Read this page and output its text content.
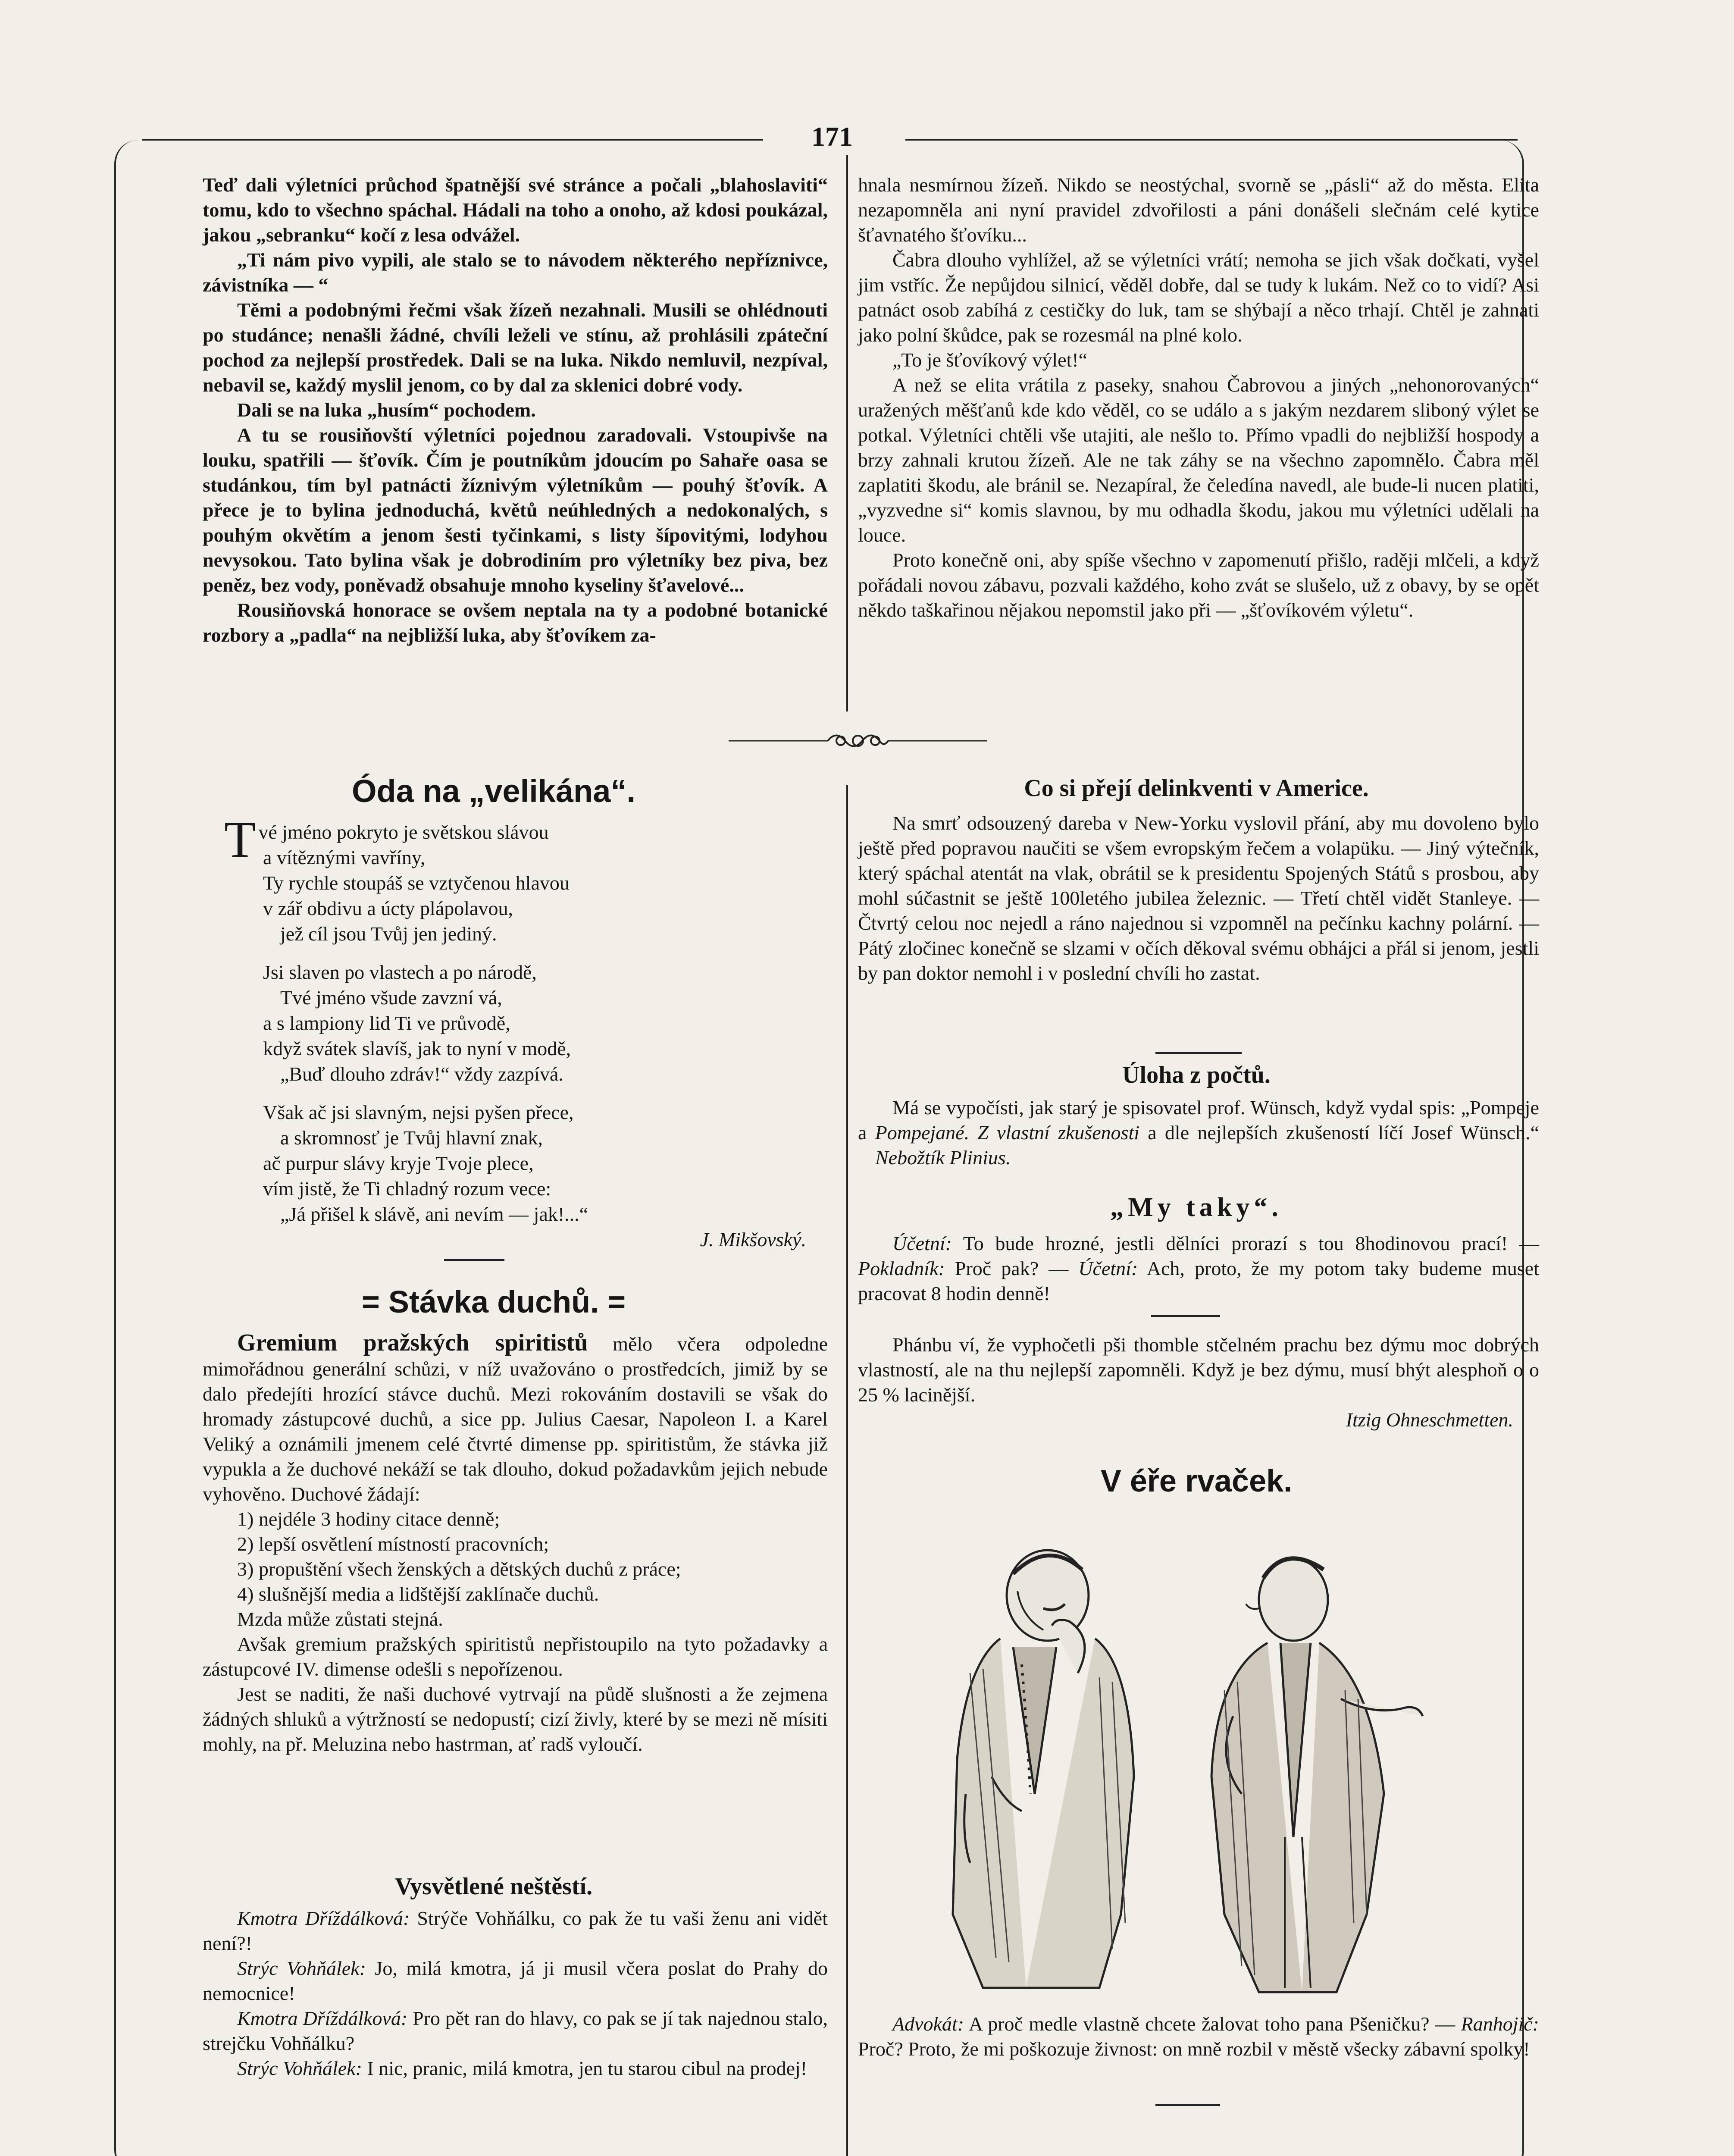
171

Teď dali výletníci průchod špatnější své stránce a počali „blahoslaviti“ tomu, kdo to všechno spáchal. Hádali na toho a onoho, až kdosi poukázal, jakou „sebranku“ kočí z lesa odvážel.

„Ti nám pivo vypili, ale stalo se to návodem některého nepříznivce, závistníka — “

Těmi a podobnými řečmi však žízeň nezahnali. Musili se ohlédnouti po studánce; nenašli žádné, chvíli leželi ve stínu, až prohlásili zpáteční pochod za nejlepší prostředek. Dali se na luka. Nikdo nemluvil, nezpíval, nebavil se, každý myslil jenom, co by dal za sklenici dobré vody.

Dali se na luka „husím“ pochodem.

A tu se rousiňovští výletníci pojednou zaradovali. Vstoupivše na louku, spatřili — šťovík. Čím je poutníkům jdoucím po Sahaře oasa se studánkou, tím byl patnácti žíznivým výletníkům — pouhý šťovík. A přece je to bylina jednoduchá, květů neúhledných a nedokonalých, s pouhým okvětím a jenom šesti tyčinkami, s listy šípovitými, lodyhou nevysokou. Tato bylina však je dobrodiním pro výletníky bez piva, bez peněz, bez vody, poněvadž obsahuje mnoho kyseliny šťavelové...

Rousiňovská honorace se ovšem neptala na ty a podobné botanické rozbory a „padla“ na nejbližší luka, aby šťovíkem za-

hnala nesmírnou žízeň. Nikdo se neostýchal, svorně se „pásli“ až do města. Elita nezapomněla ani nyní pravidel zdvořilosti a páni donášeli slečnám celé kytice šťavnatého šťovíku...

Čabra dlouho vyhlížel, až se výletníci vrátí; nemoha se jich však dočkati, vyšel jim vstříc. Že nepůjdou silnicí, věděl dobře, dal se tudy k lukám. Než co to vidí? Asi patnáct osob zabíhá z cestičky do luk, tam se shýbají a něco trhají. Chtěl je zahnati jako polní škůdce, pak se rozesmál na plné kolo.

„To je šťovíkový výlet!“

A než se elita vrátila z paseky, snahou Čabrovou a jiných „nehonorovaných“ uražených měšťanů kde kdo věděl, co se událo a s jakým nezdarem sliboný výlet se potkal. Výletníci chtěli vše utajiti, ale nešlo to. Přímo vpadli do nejbližší hospody a brzy zahnali krutou žízeň. Ale ne tak záhy se na všechno zapomnělo. Čabra měl zaplatiti škodu, ale bránil se. Nezapíral, že čeledína navedl, ale bude-li nucen platiti, „vyzvedne si“ komis slavnou, by mu odhadla škodu, jakou mu výletníci udělali na louce.

Proto konečně oni, aby spíše všechno v zapomenutí přišlo, raději mlčeli, a když pořádali novou zábavu, pozvali každého, koho zvát se slušelo, už z obavy, by se opět někdo taškařinou nějakou nepomstil jako při — „šťovíkovém výletu“.

Óda na „velikána“.
T vé jméno pokryto je světskou slávou
a vítěznými vavříny,
Ty rychle stoupáš se vztyčenou hlavou
v zář obdivu a úcty plápolavou,
jež cíl jsou Tvůj jen jediný.
Jsi slaven po vlastech a po národě,
Tvé jméno všude zavzní vá,
a s lampiony lid Ti ve průvodě,
když svátek slavíš, jak to nyní v modě,
„Buď dlouho zdráv!“ vždy zazpívá.
Však ač jsi slavným, nejsi pyšen přece,
a skromnosť je Tvůj hlavní znak,
ač purpur slávy kryje Tvoje plece,
vím jistě, že Ti chladný rozum vece:
„Já přišel k slávě, ani nevím — jak!...“
J. Mikšovský.
= Stávka duchů. =

Gremium pražských spiritistů mělo včera odpoledne mimořádnou generální schůzi, v níž uvažováno o prostředcích, jimiž by se dalo předejíti hrozící stávce duchů. Mezi rokováním dostavili se však do hromady zástupcové duchů, a sice pp. Julius Caesar, Napoleon I. a Karel Veliký a oznámili jmenem celé čtvrté dimense pp. spiritistům, že stávka již vypukla a že duchové nekáží se tak dlouho, dokud požadavkům jejich nebude vyhověno. Duchové žádají:

1) nejdéle 3 hodiny citace denně;
2) lepší osvětlení místností pracovních;
3) propuštění všech ženských a dětských duchů z práce;
4) slušnější media a lidštější zaklínače duchů.
Mzda může zůstati stejná.

Avšak gremium pražských spiritistů nepřistoupilo na tyto požadavky a zástupcové IV. dimense odešli s nepořízenou.

Jest se naditi, že naši duchové vytrvají na půdě slušnosti a že zejmena žádných shluků a výtržností se nedopustí; cizí živly, které by se mezi ně mísiti mohly, na př. Meluzina nebo hastrman, ať radš vyloučí.

Vysvětlené neštěstí.

Kmotra Dříždálková: Strýče Vohňálku, co pak že tu vaši ženu ani vidět není?!

Strýc Vohňálek: Jo, milá kmotra, já ji musil včera poslat do Prahy do nemocnice!

Kmotra Dříždálková: Pro pět ran do hlavy, co pak se jí tak najednou stalo, strejčku Vohňálku?

Strýc Vohňálek: I nic, pranic, milá kmotra, jen tu starou cibul na prodej!

Co si přejí delinkventi v Americe.

Na smrť odsouzený dareba v New-Yorku vyslovil přání, aby mu dovoleno bylo ještě před popravou naučiti se všem evropským řečem a volapüku. — Jiný výtečník, který spáchal atentát na vlak, obrátil se k presidentu Spojených Států s prosbou, aby mohl súčastnit se ještě 100letého jubilea železnic. — Třetí chtěl vidět Stanleye. — Čtvrtý celou noc nejedl a ráno najednou si vzpomněl na pečínku kachny polární. — Pátý zločinec konečně se slzami v očích děkoval svému obhájci a přál si jenom, jestli by pan doktor nemohl i v poslední chvíli ho zastat.

Úloha z počtů.

Má se vypočísti, jak starý je spisovatel prof. Wünsch, když vydal spis: „Pompeje a Pompejané. Z vlastní zkušenosti a dle nejlepších zkušeností líčí Josef Wünsch.“ Nebožtík Plinius.

„My taky“.

Účetní: To bude hrozné, jestli dělníci prorazí s tou 8hodinovou prací! — Pokladník: Proč pak? — Účetní: Ach, proto, že my potom taky budeme muset pracovat 8 hodin denně!

Phánbu ví, že vyphočetli pši thomble stčelném prachu bez dýmu moc dobrých vlastností, ale na thu nejlepší zapomněli. Když je bez dýmu, musí bhýt alesphoň o o 25 % lacinější.

Itzig Ohneschmetten.
V éře rvaček.

Advokát: A proč medle vlastně chcete žalovat toho pana Pšeničku? — Ranhojič: Proč? Proto, že mi poškozuje živnost: on mně rozbil v městě všecky zábavní spolky!
